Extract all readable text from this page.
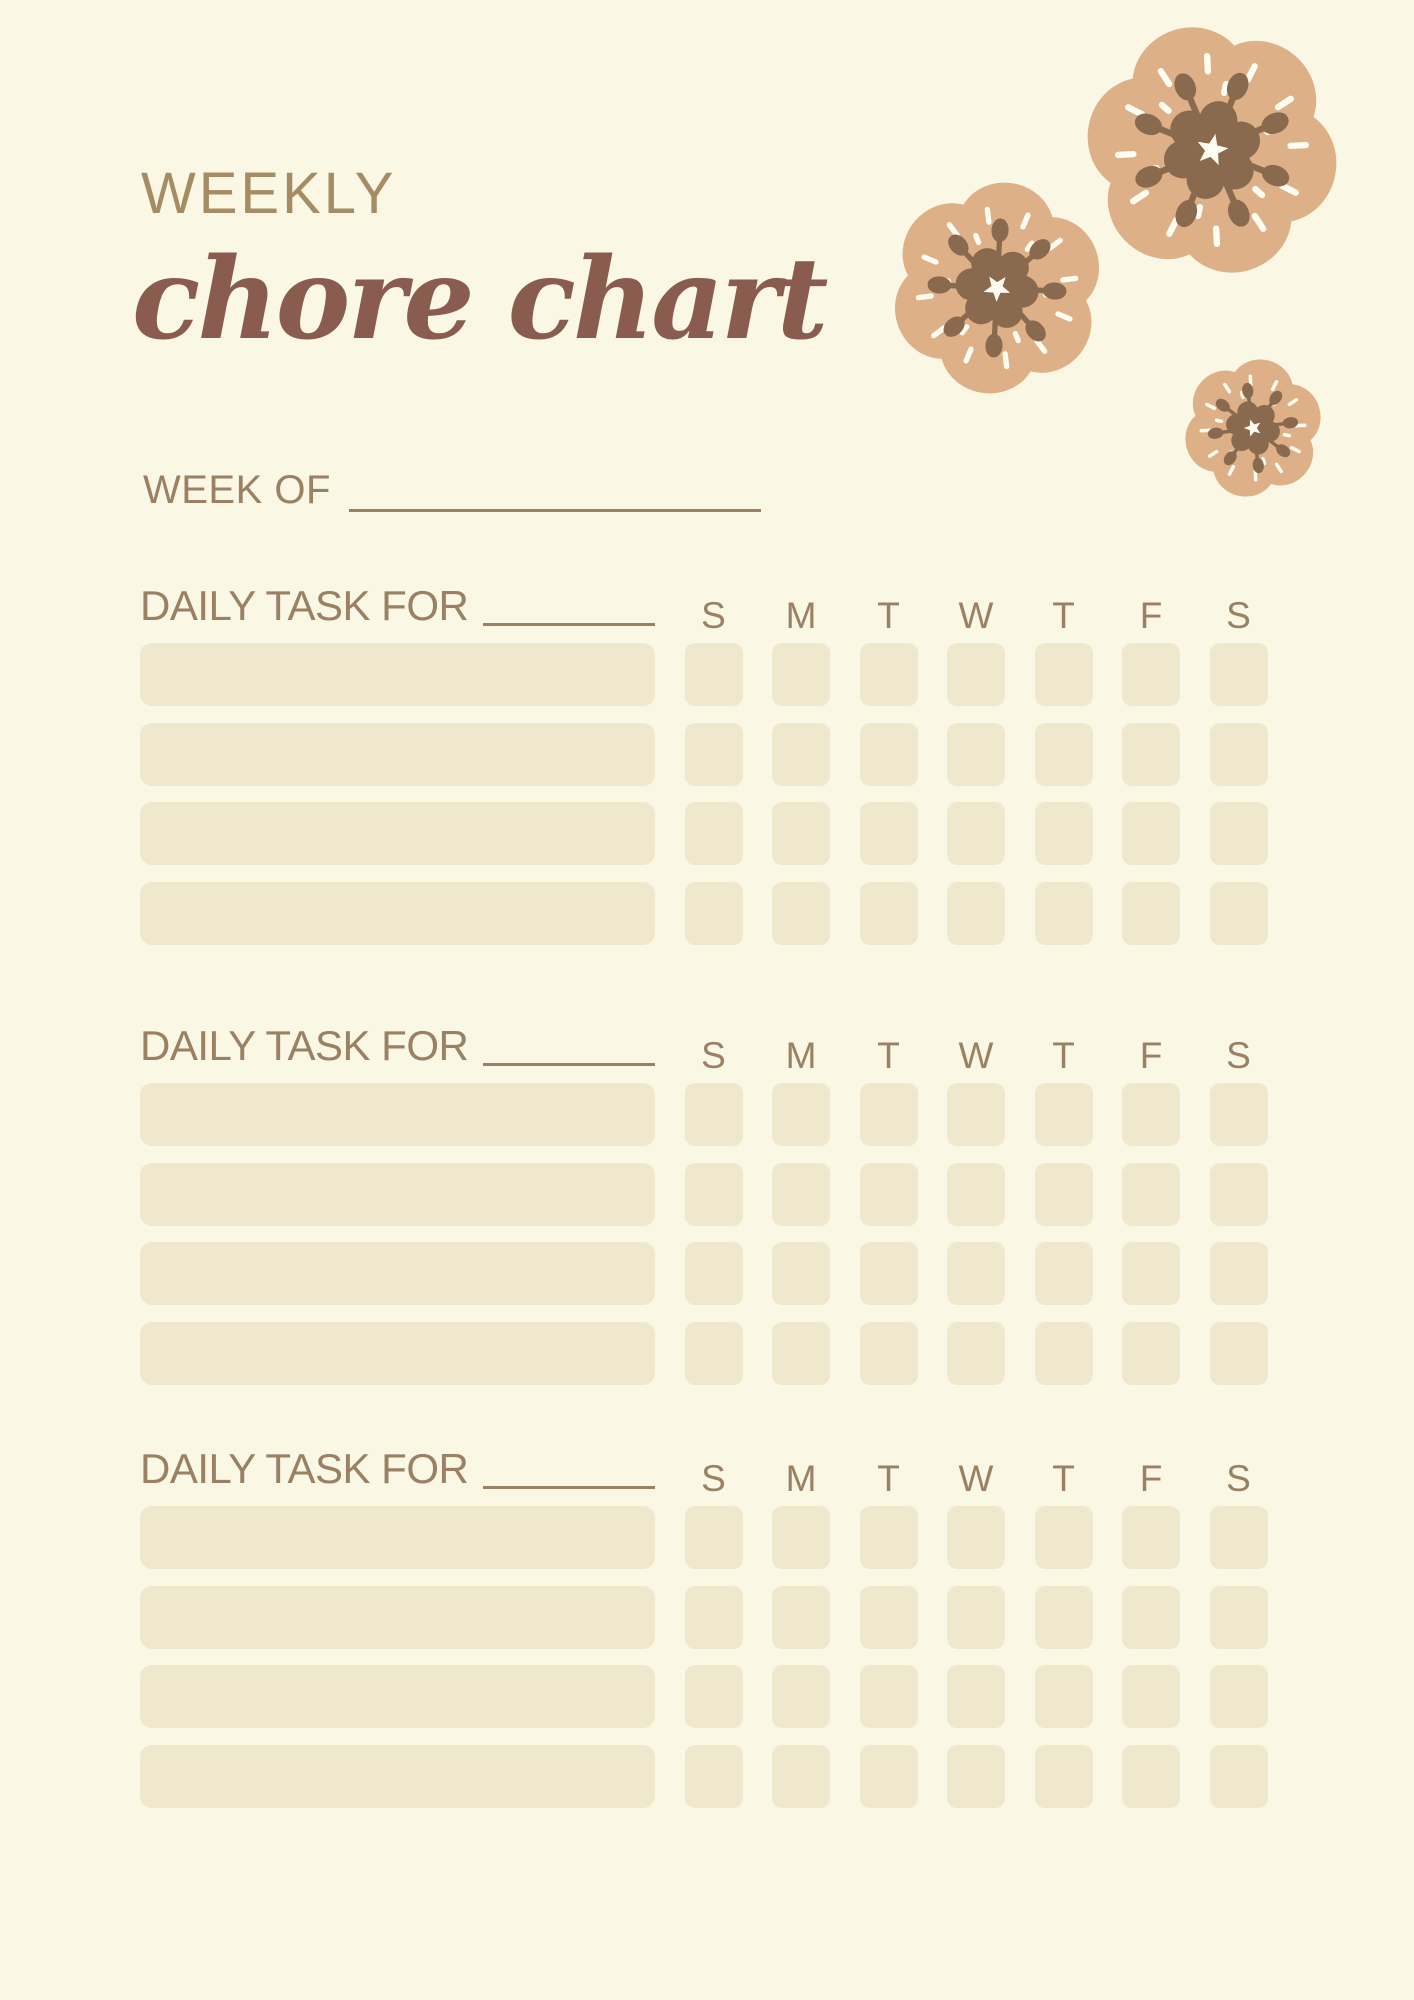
WEEKLY
chore chart
WEEK OF
DAILY TASK FOR	S	M	T	W	T	F	S
DAILY TASK FOR	S	M	T	W	T	F	S
DAILY TASK FOR	S	M	T	W	T	F	S
